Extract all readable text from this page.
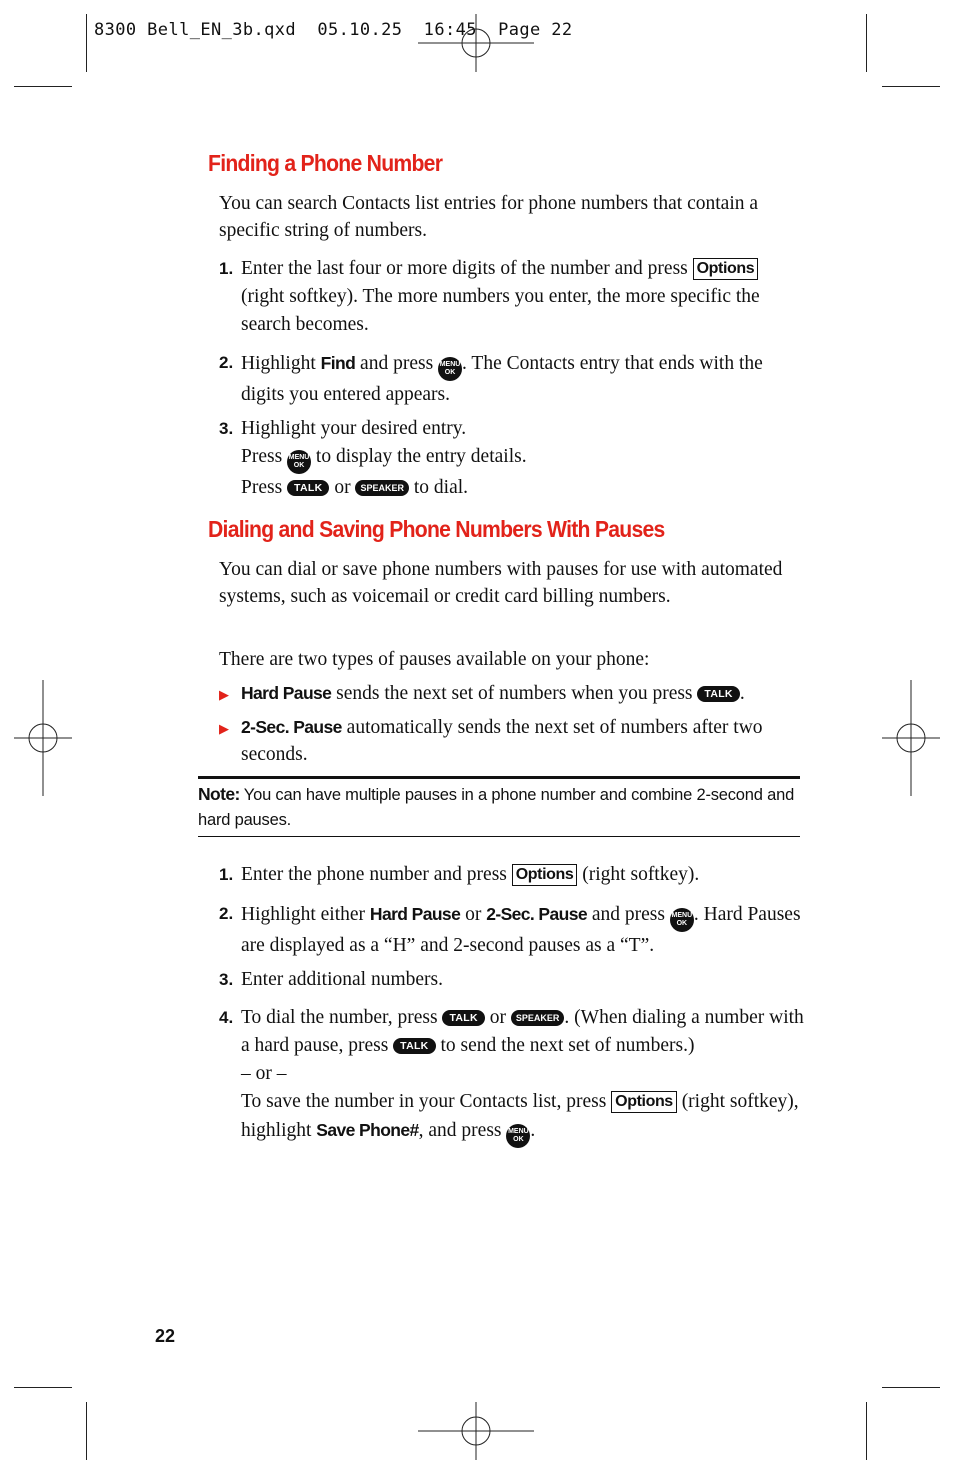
8300 Bell_EN_3b.qxd  05.10.25  16:45  Page 22
Finding a Phone Number
You can search Contacts list entries for phone numbers that contain a specific string of numbers.
1. Enter the last four or more digits of the number and press Options (right softkey). The more numbers you enter, the more specific the search becomes.
2. Highlight Find and press MENU
OK . The Contacts entry that ends with the digits you entered appears.
3. Highlight your desired entry.
Press MENU
OK to display the entry details.
Press TALK or SPEAKER to dial.
Dialing and Saving Phone Numbers With Pauses
You can dial or save phone numbers with pauses for use with automated systems, such as voicemail or credit card billing numbers.
There are two types of pauses available on your phone:
▶ Hard Pause sends the next set of numbers when you press TALK .
▶ 2-Sec. Pause automatically sends the next set of numbers after two seconds.
Note: You can have multiple pauses in a phone number and combine 2-second and hard pauses.
1. Enter the phone number and press Options (right softkey).
2. Highlight either Hard Pause or 2-Sec. Pause and press MENU
OK . Hard Pauses are displayed as a “H” and 2-second pauses as a “T”.
3. Enter additional numbers.
4. To dial the number, press TALK or SPEAKER . (When dialing a number with a hard pause, press TALK to send the next set of numbers.)
– or –
To save the number in your Contacts list, press Options (right softkey), highlight Save Phone#, and press MENU
OK .
22
